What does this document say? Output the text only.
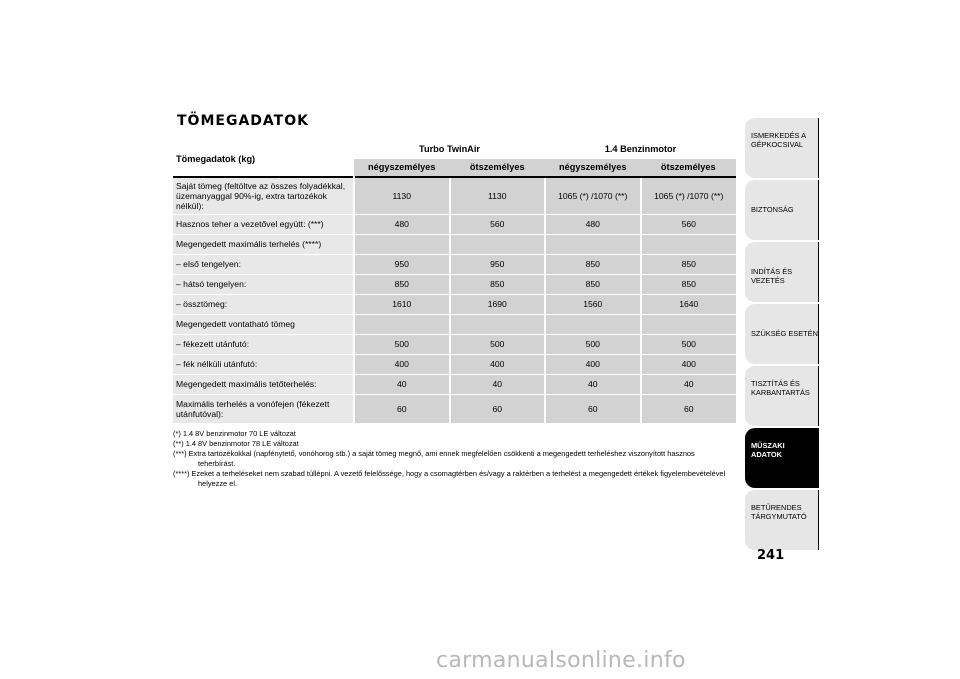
TÖMEGADATOK
Tömegadatok (kg)	Turbo TwinAir		1.4 Benzinmotor	
	négyszemélyes	ötszemélyes	négyszemélyes	ötszemélyes
Saját tömeg (feltöltve az összes folyadékkal, üzemanyaggal 90%-ig, extra tartozékok nélkül):	1130	1130	1065 (*) /1070 (**)	1065 (*) /1070 (**)
Hasznos teher a vezetővel együtt: (***)	480	560	480	560
Megengedett maximális terhelés (****)				
– első tengelyen:	950	950	850	850
– hátsó tengelyen:	850	850	850	850
– össztömeg:	1610	1690	1560	1640
Megengedett vontatható tömeg				
– fékezett utánfutó:	500	500	500	500
– fék nélküli utánfutó:	400	400	400	400
Megengedett maximális tetőterhelés:	40	40	40	40
Maximális terhelés a vonófejen (fékezett utánfutóval):	60	60	60	60
(*) 1.4 8V benzinmotor 70 LE változat
(**) 1.4 8V benzinmotor 78 LE változat
(***) Extra tartozékokkal (napfénytető, vonóhorog stb.) a saját tömeg megnő, ami ennek megfelelően csökkenti a megengedett terheléshez viszonyított hasznos teherbírást.
(****) Ezeket a terheléseket nem szabad túllépni. A vezető felelőssége, hogy a csomagtérben és/vagy a raktérben a terhelést a megengedett értékek figyelembevételével helyezze el.
ISMERKEDÉS A
GÉPKOCSIVAL
BIZTONSÁG
INDÍTÁS ÉS VEZETÉS
SZÜKSÉG ESETÉN
TISZTÍTÁS ÉS
KARBANTARTÁS
MŰSZAKI
ADATOK
BETŰRENDES
TÁRGYMUTATÓ
241
carmanualsonline.info
